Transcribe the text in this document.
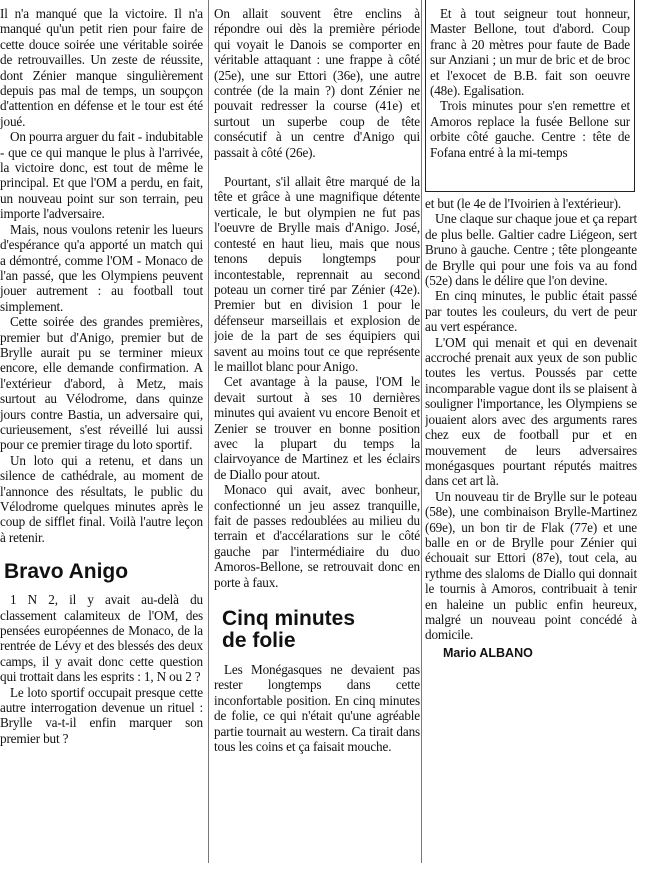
Il n'a manqué que la victoire. Il n'a manqué qu'un petit rien pour faire de cette douce soirée une véritable soirée de retrouvailles. Un zeste de réussite, dont Zénier manque singulièrement depuis pas mal de temps, un soupçon d'attention en défense et le tour est été joué.

On pourra arguer du fait - indubitable - que ce qui manque le plus à l'arrivée, la victoire donc, est tout de même le principal. Et que l'OM a perdu, en fait, un nouveau point sur son terrain, peu importe l'adversaire.

Mais, nous voulons retenir les lueurs d'espérance qu'a apporté un match qui a démontré, comme l'OM - Monaco de l'an passé, que les Olympiens peuvent jouer autrement : au football tout simplement.

Cette soirée des grandes premières, premier but d'Anigo, premier but de Brylle aurait pu se terminer mieux encore, elle demande confirmation. A l'extérieur d'abord, à Metz, mais surtout au Vélodrome, dans quinze jours contre Bastia, un adversaire qui, curieusement, s'est réveillé lui aussi pour ce premier tirage du loto sportif.

Un loto qui a retenu, et dans un silence de cathédrale, au moment de l'annonce des résultats, le public du Vélodrome quelques minutes après le coup de sifflet final. Voilà l'autre leçon à retenir.

Bravo Anigo

1 N 2, il y avait au-delà du classement calamiteux de l'OM, des pensées européennes de Monaco, de la rentrée de Lévy et des blessés des deux camps, il y avait donc cette question qui trottait dans les esprits : 1, N ou 2 ?

Le loto sportif occupait presque cette autre interrogation devenue un rituel : Brylle va-t-il enfin marquer son premier but ?

On allait souvent être enclins à répondre oui dès la première période qui voyait le Danois se comporter en véritable attaquant : une frappe à côté (25e), une sur Ettori (36e), une autre contrée (de la main ?) dont Zénier ne pouvait redresser la course (41e) et surtout un superbe coup de tête consécutif à un centre d'Anigo qui passait à côté (26e).

Pourtant, s'il allait être marqué de la tête et grâce à une magnifique détente verticale, le but olympien ne fut pas l'oeuvre de Brylle mais d'Anigo. José, contesté en haut lieu, mais que nous tenons depuis longtemps pour incontestable, reprennait au second poteau un corner tiré par Zénier (42e). Premier but en division 1 pour le défenseur marseillais et explosion de joie de la part de ses équipiers qui savent au moins tout ce que représente le maillot blanc pour Anigo.

Cet avantage à la pause, l'OM le devait surtout à ses 10 dernières minutes qui avaient vu encore Benoit et Zenier se trouver en bonne position avec la plupart du temps la clairvoyance de Martinez et les éclairs de Diallo pour atout.

Monaco qui avait, avec bonheur, confectionné un jeu assez tranquille, fait de passes redoublées au milieu du terrain et d'accélarations sur le côté gauche par l'intermédiaire du duo Amoros-Bellone, se retrouvait donc en porte à faux.

Cinq minutes de folie

Les Monégasques ne devaient pas rester longtemps dans cette inconfortable position. En cinq minutes de folie, ce qui n'était qu'une agréable partie tournait au western. Ca tirait dans tous les coins et ça faisait mouche.

Et à tout seigneur tout honneur, Master Bellone, tout d'abord. Coup franc à 20 mètres pour faute de Bade sur Anziani ; un mur de bric et de broc et l'exocet de B.B. fait son oeuvre (48e). Egalisation.

Trois minutes pour s'en remettre et Amoros replace la fusée Bellone sur orbite côté gauche. Centre : tête de Fofana entré à la mi-temps

et but (le 4e de l'Ivoirien à l'extérieur).

Une claque sur chaque joue et ça repart de plus belle. Galtier cadre Liégeon, sert Bruno à gauche. Centre ; tête plongeante de Brylle qui pour une fois va au fond (52e) dans le délire que l'on devine.

En cinq minutes, le public était passé par toutes les couleurs, du vert de peur au vert espérance.

L'OM qui menait et qui en devenait accroché prenait aux yeux de son public toutes les vertus. Poussés par cette incomparable vague dont ils se plaisent à souligner l'importance, les Olympiens se jouaient alors avec des arguments rares chez eux de football pur et en mouvement de leurs adversaires monégasques pourtant réputés maitres dans cet art là.

Un nouveau tir de Brylle sur le poteau (58e), une combinaison Brylle-Martinez (69e), un bon tir de Flak (77e) et une balle en or de Brylle pour Zénier qui échouait sur Ettori (87e), tout cela, au rythme des slaloms de Diallo qui donnait le tournis à Amoros, contribuait à tenir en haleine un public enfin heureux, malgré un nouveau point concédé à domicile.

Mario ALBANO
